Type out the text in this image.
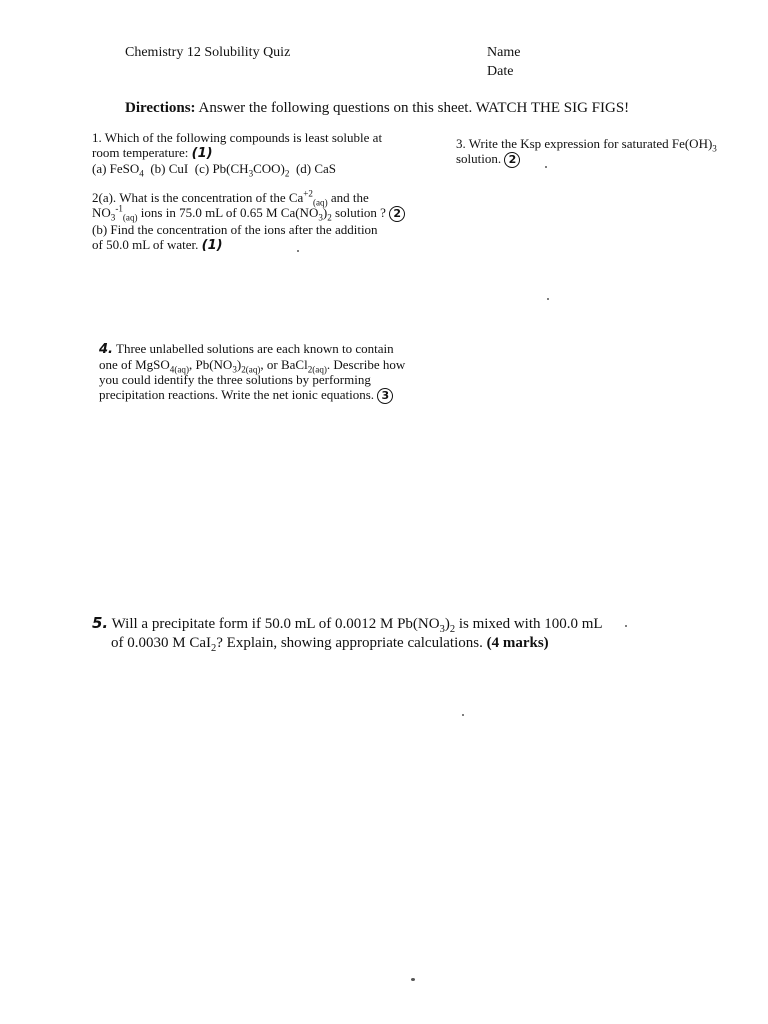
Chemistry 12 Solubility Quiz	Name
Date
Directions: Answer the following questions on this sheet. WATCH THE SIG FIGS!
1. Which of the following compounds is least soluble at
room temperature: (1)
(a) FeSO$_4$ (b) CuI (c) $Pb(CH_3COO)_2$ (d) CaS
3. Write the Ksp expression for saturated $Fe(OH)_3$
solution. 2
2(a). What is the concentration of the $Ca^{+2}_{(aq)}$ and the
$NO_3^{-1}_{(aq)}$ ions in 75.0 mL of 0.65 M $Ca(NO_3)_2$ solution ? 2
(b) Find the concentration of the ions after the addition
of 50.0 mL of water. (1)
4. Three unlabelled solutions are each known to contain
one of MgSO$_{4(aq)}$, $Pb(NO_3)_{2(aq)}$, or BaCl$_{2(aq)}$. Describe how
you could identify the three solutions by performing
precipitation reactions. Write the net ionic equations. 3
5. Will a precipitate form if 50.0 mL of 0.0012 M $Pb(NO_3)_2$ is mixed with 100.0 mL
of 0.0030 M CaI$_2$? Explain, showing appropriate calculations. (4 marks)
